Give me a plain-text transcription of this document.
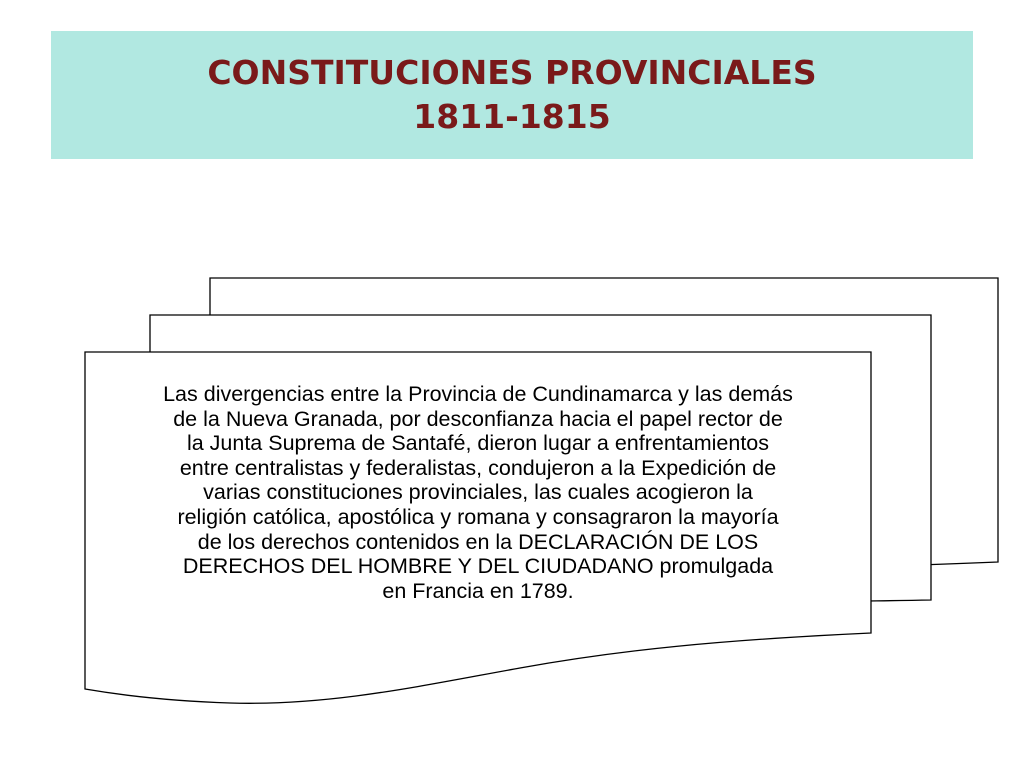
CONSTITUCIONES PROVINCIALES
1811-1815
Las divergencias entre la Provincia de Cundinamarca y las demás
de la Nueva Granada, por desconfianza hacia el papel rector de
la Junta Suprema de Santafé, dieron lugar a enfrentamientos
entre centralistas y federalistas, condujeron a la Expedición de
varias constituciones provinciales, las cuales acogieron la
religión católica, apostólica y romana y consagraron la mayoría
de los derechos contenidos en la DECLARACIÓN DE LOS
DERECHOS DEL HOMBRE Y DEL CIUDADANO promulgada
en Francia en 1789.
